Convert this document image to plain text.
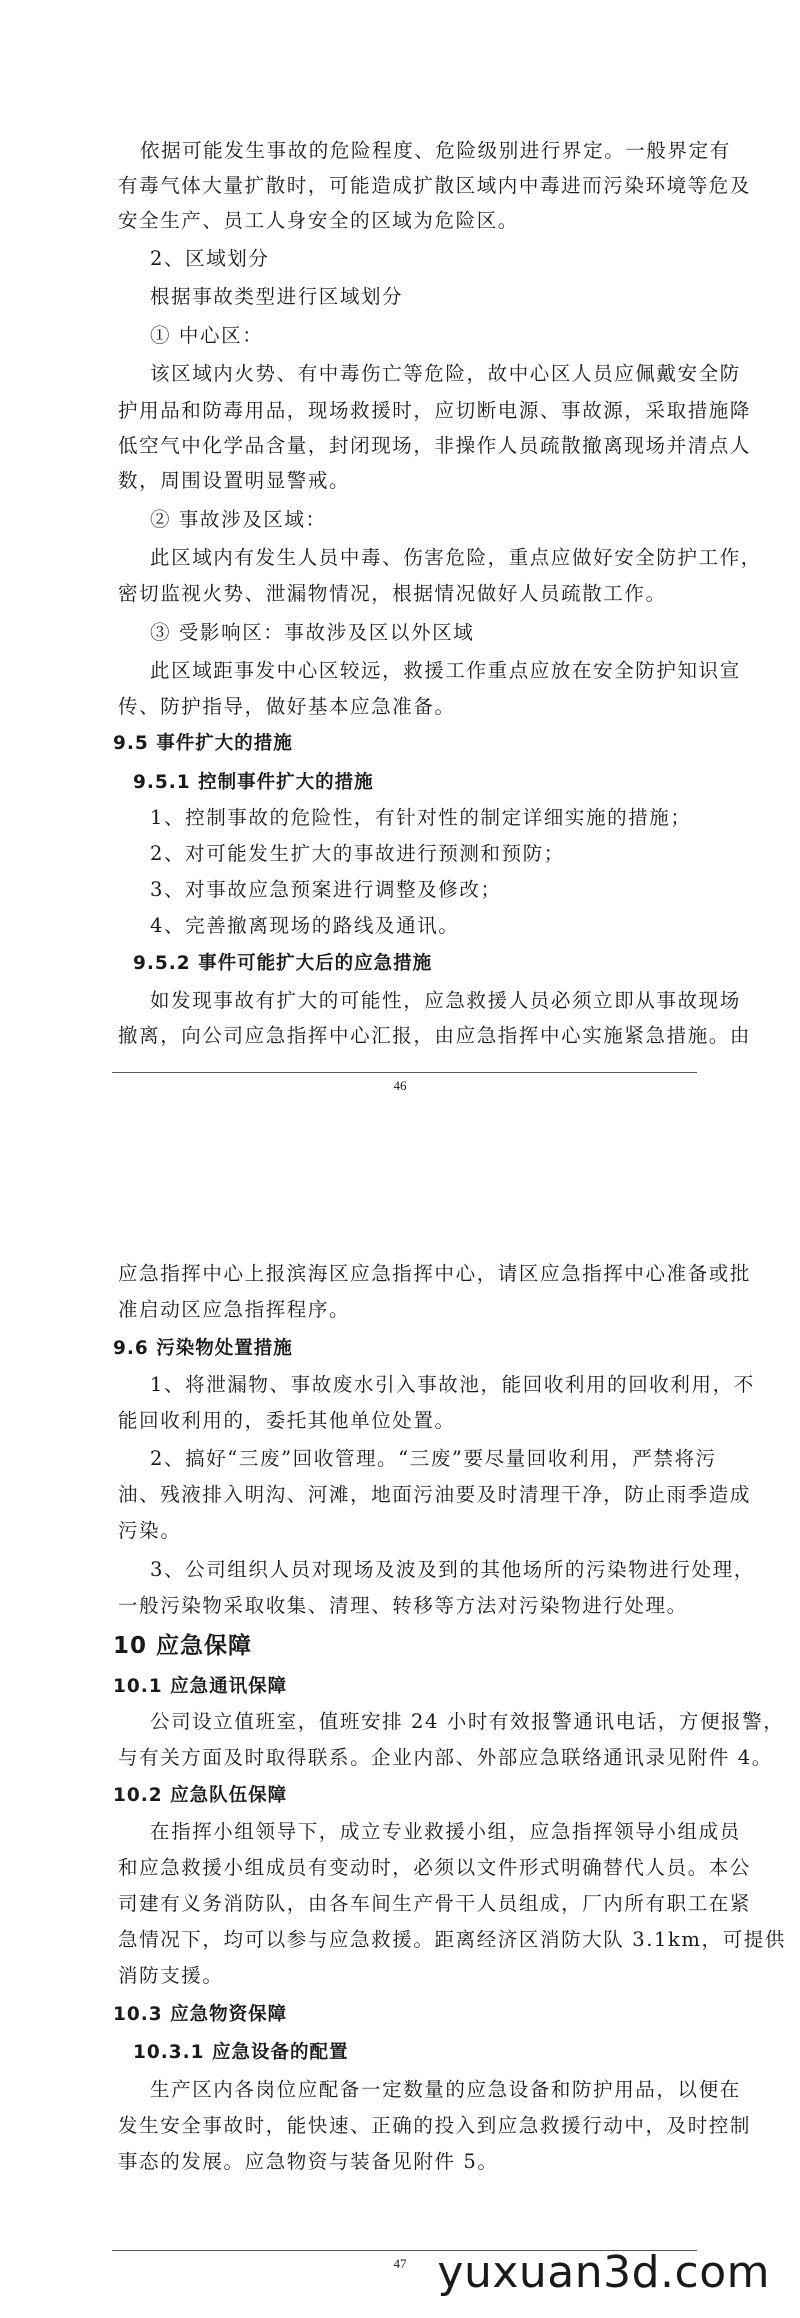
依据可能发生事故的危险程度、危险级别进行界定。一般界定有
有毒气体大量扩散时，可能造成扩散区域内中毒进而污染环境等危及
安全生产、员工人身安全的区域为危险区。
2、区域划分
根据事故类型进行区域划分
① 中心区：
该区域内火势、有中毒伤亡等危险，故中心区人员应佩戴安全防
护用品和防毒用品，现场救援时，应切断电源、事故源，采取措施降
低空气中化学品含量，封闭现场，非操作人员疏散撤离现场并清点人
数，周围设置明显警戒。
② 事故涉及区域：
此区域内有发生人员中毒、伤害危险，重点应做好安全防护工作，
密切监视火势、泄漏物情况，根据情况做好人员疏散工作。
③ 受影响区：事故涉及区以外区域
此区域距事发中心区较远，救援工作重点应放在安全防护知识宣
传、防护指导，做好基本应急准备。
9.5 事件扩大的措施
9.5.1 控制事件扩大的措施
1、控制事故的危险性，有针对性的制定详细实施的措施；
2、对可能发生扩大的事故进行预测和预防；
3、对事故应急预案进行调整及修改；
4、完善撤离现场的路线及通讯。
9.5.2 事件可能扩大后的应急措施
如发现事故有扩大的可能性，应急救援人员必须立即从事故现场
撤离，向公司应急指挥中心汇报，由应急指挥中心实施紧急措施。由
46
应急指挥中心上报滨海区应急指挥中心，请区应急指挥中心准备或批
准启动区应急指挥程序。
9.6 污染物处置措施
1、将泄漏物、事故废水引入事故池，能回收利用的回收利用，不
能回收利用的，委托其他单位处置。
2、搞好“三废”回收管理。“三废”要尽量回收利用，严禁将污
油、残液排入明沟、河滩，地面污油要及时清理干净，防止雨季造成
污染。
3、公司组织人员对现场及波及到的其他场所的污染物进行处理，
一般污染物采取收集、清理、转移等方法对污染物进行处理。
10 应急保障
10.1 应急通讯保障
公司设立值班室，值班安排 24 小时有效报警通讯电话，方便报警，
与有关方面及时取得联系。企业内部、外部应急联络通讯录见附件 4。
10.2 应急队伍保障
在指挥小组领导下，成立专业救援小组，应急指挥领导小组成员
和应急救援小组成员有变动时，必须以文件形式明确替代人员。本公
司建有义务消防队，由各车间生产骨干人员组成，厂内所有职工在紧
急情况下，均可以参与应急救援。距离经济区消防大队 3.1km，可提供
消防支援。
10.3 应急物资保障
10.3.1 应急设备的配置
生产区内各岗位应配备一定数量的应急设备和防护用品，以便在
发生安全事故时，能快速、正确的投入到应急救援行动中，及时控制
事态的发展。应急物资与装备见附件 5。
47 yuxuan3d.com
